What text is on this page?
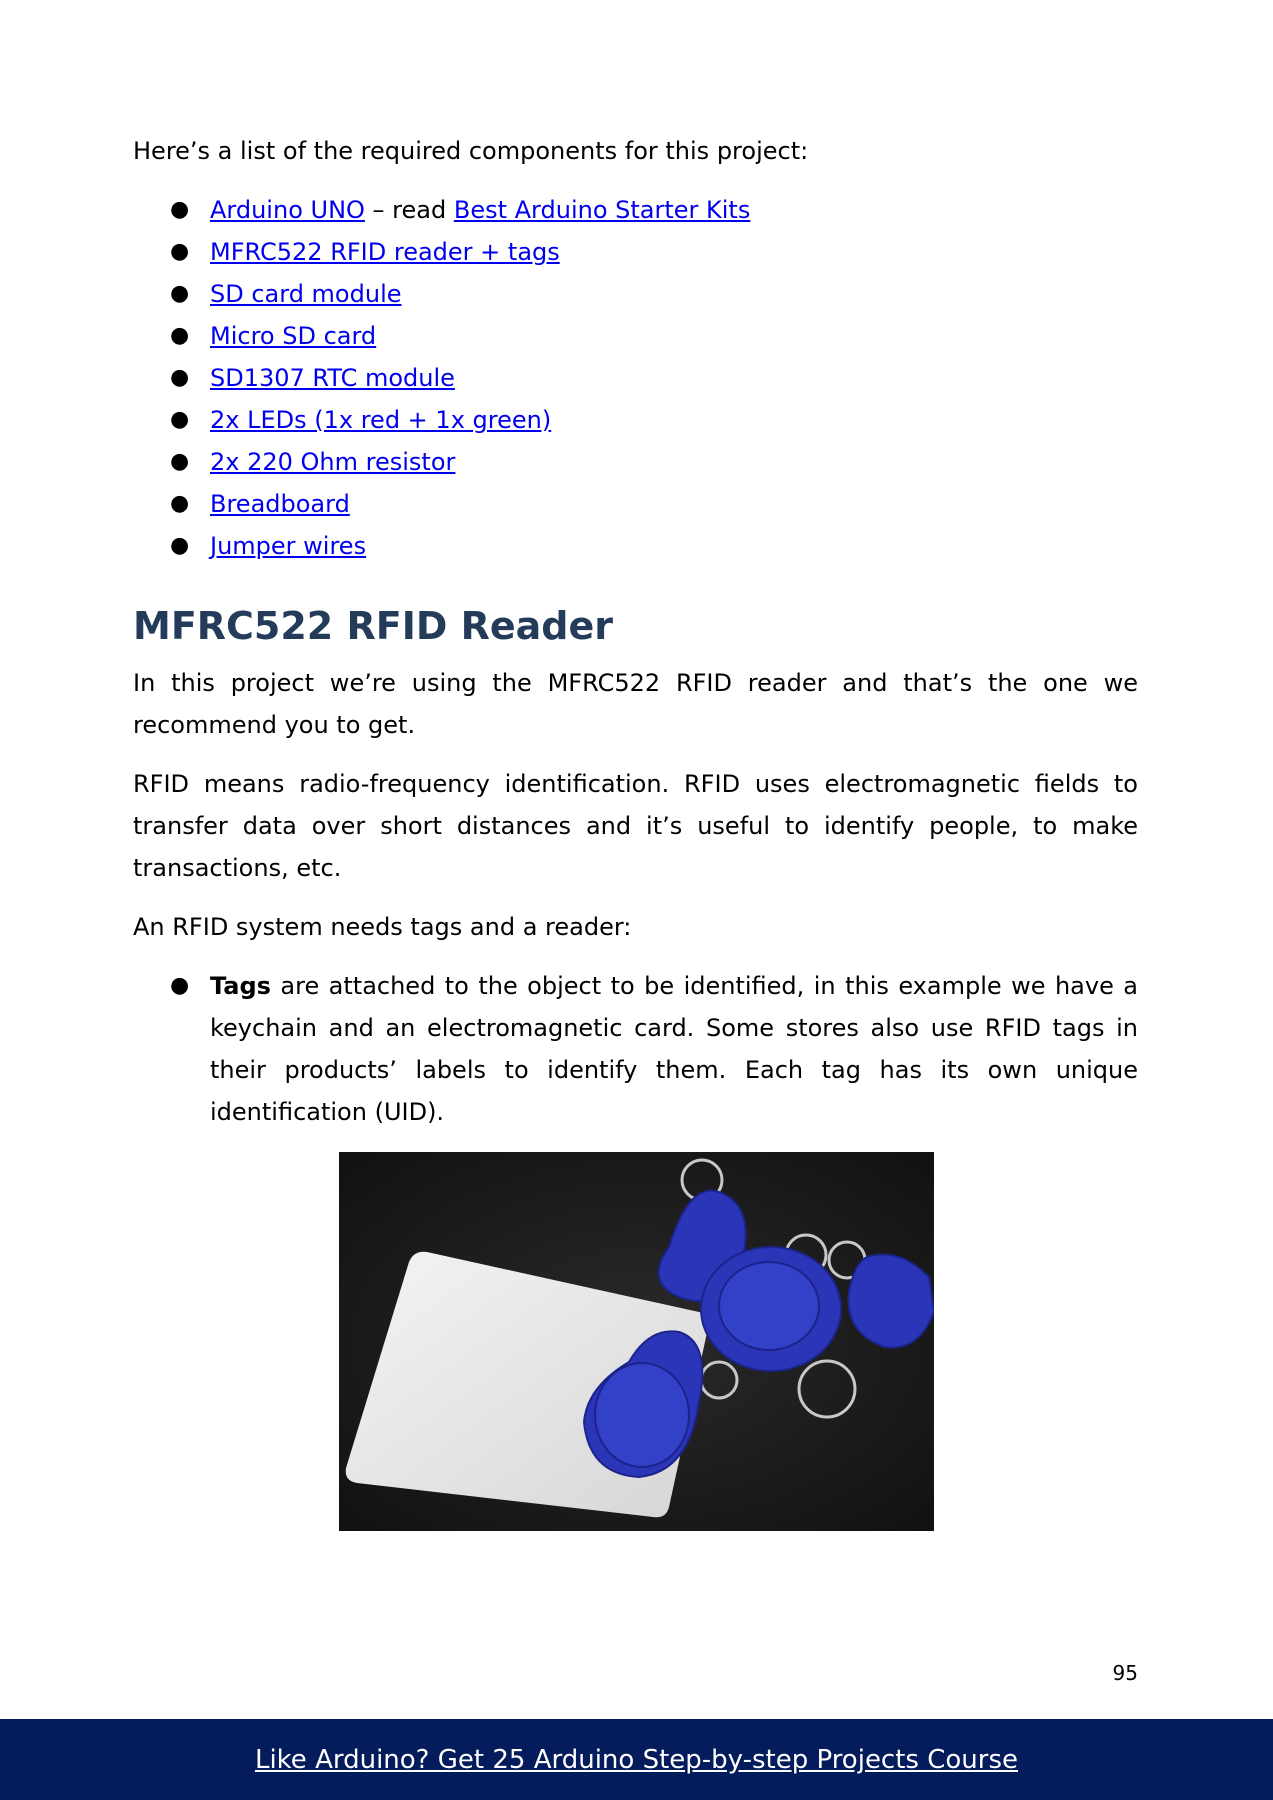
Here’s a list of the required components for this project:

● Arduino UNO – read Best Arduino Starter Kits
● MFRC522 RFID reader + tags
● SD card module
● Micro SD card
● SD1307 RTC module
● 2x LEDs (1x red + 1x green)
● 2x 220 Ohm resistor
● Breadboard
● Jumper wires
MFRC522 RFID Reader

In this project we’re using the MFRC522 RFID reader and that’s the one we recommend you to get.

RFID means radio-frequency identification. RFID uses electromagnetic fields to transfer data over short distances and it’s useful to identify people, to make transactions, etc.

An RFID system needs tags and a reader:

● Tags are attached to the object to be identified, in this example we have a keychain and an electromagnetic card. Some stores also use RFID tags in their products’ labels to identify them. Each tag has its own unique identification (UID).
95
Like Arduino? Get 25 Arduino Step-by-step Projects Course
